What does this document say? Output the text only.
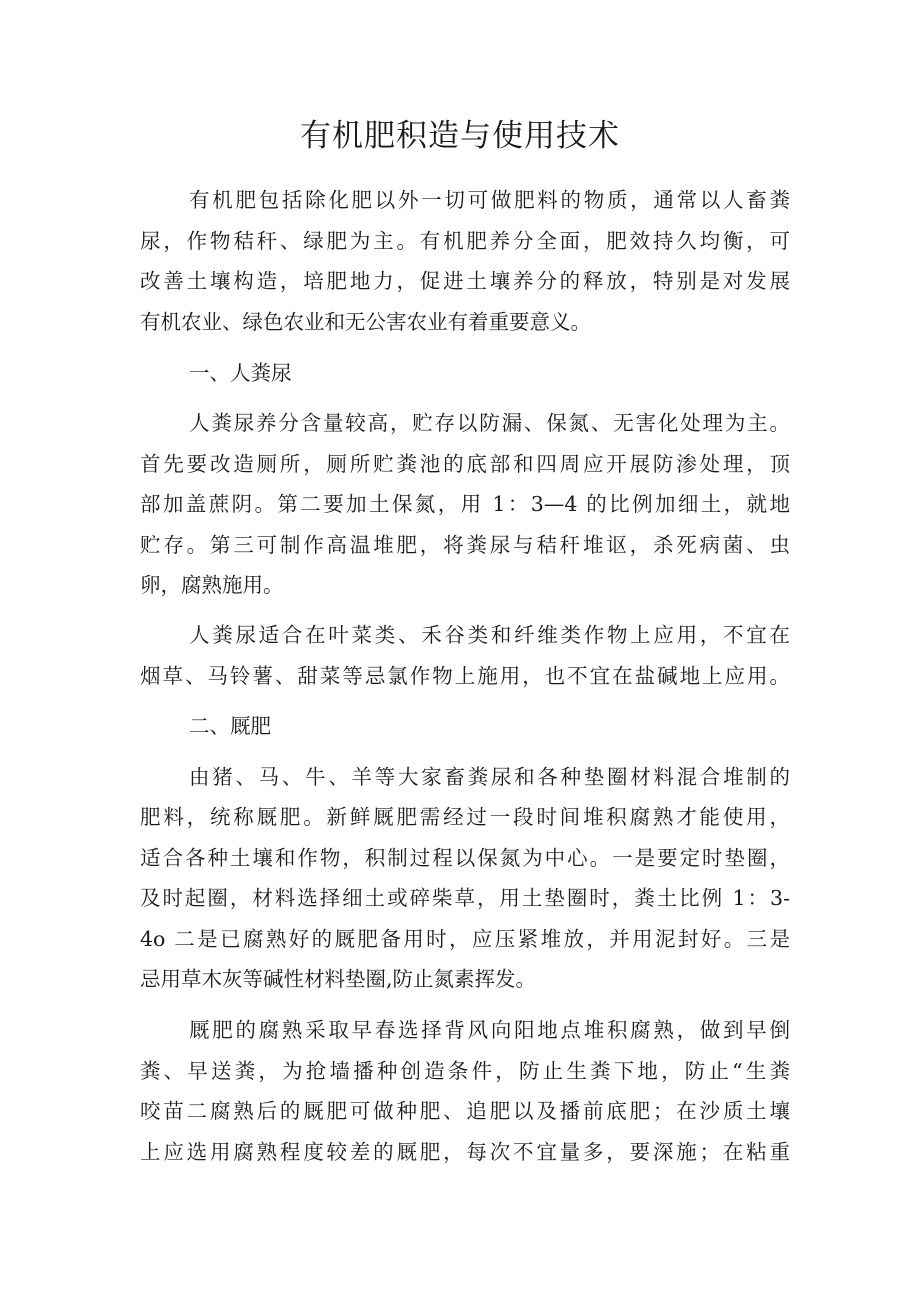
有机肥积造与使用技术

有机肥包括除化肥以外一切可做肥料的物质，通常以人畜粪

尿，作物秸秆、绿肥为主。有机肥养分全面，肥效持久均衡，可

改善土壤构造，培肥地力，促进土壤养分的释放，特别是对发展

有机农业、绿色农业和无公害农业有着重要意义。

一、人粪尿

人粪尿养分含量较高，贮存以防漏、保氮、无害化处理为主。

首先要改造厕所，厕所贮粪池的底部和四周应开展防渗处理，顶

部加盖蔗阴。第二要加土保氮，用 1：3—4 的比例加细土，就地

贮存。第三可制作高温堆肥，将粪尿与秸秆堆讴，杀死病菌、虫

卵，腐熟施用。

人粪尿适合在叶菜类、禾谷类和纤维类作物上应用，不宜在

烟草、马铃薯、甜菜等忌氯作物上施用，也不宜在盐碱地上应用。

二、厩肥

由猪、马、牛、羊等大家畜粪尿和各种垫圈材料混合堆制的

肥料，统称厩肥。新鲜厩肥需经过一段时间堆积腐熟才能使用，

适合各种土壤和作物，积制过程以保氮为中心。一是要定时垫圈，

及时起圈，材料选择细土或碎柴草，用土垫圈时，粪土比例 1：3-

4o 二是已腐熟好的厩肥备用时，应压紧堆放，并用泥封好。三是

忌用草木灰等碱性材料垫圈,防止氮素挥发。

厩肥的腐熟采取早春选择背风向阳地点堆积腐熟，做到早倒

粪、早送粪，为抢墙播种创造条件，防止生粪下地，防止“生粪

咬苗二腐熟后的厩肥可做种肥、追肥以及播前底肥；在沙质土壤

上应选用腐熟程度较差的厩肥，每次不宜量多，要深施；在粘重
